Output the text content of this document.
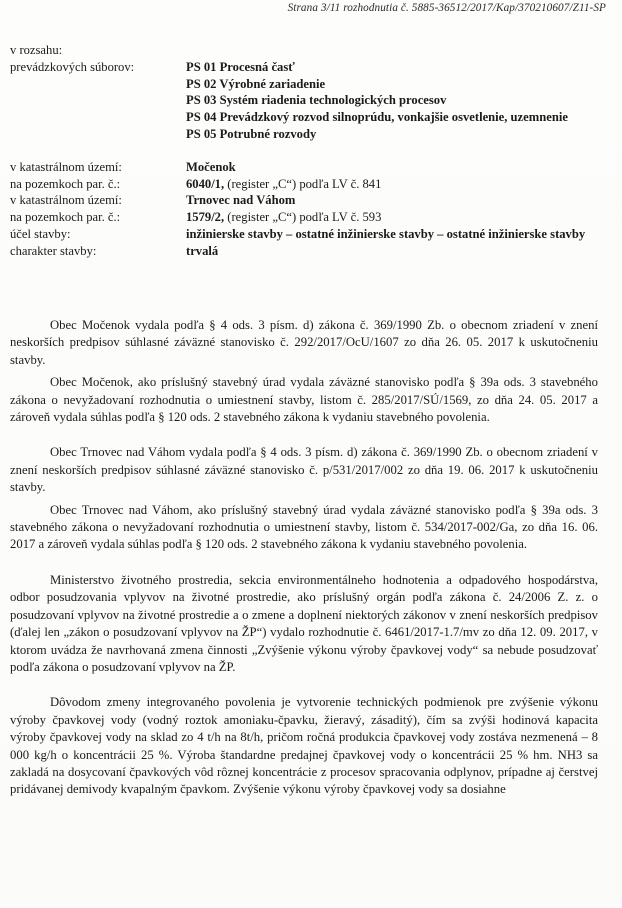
Strana 3/11 rozhodnutia č. 5885-36512/2017/Kap/370210607/Z11-SP
v rozsahu:	
prevádzkových súborov:	PS 01 Procesná časť
PS 02 Výrobné zariadenie
PS 03 Systém riadenia technologických procesov
PS 04 Prevádzkový rozvod silnoprúdu, vonkajšie osvetlenie, uzemnenie
PS 05 Potrubné rozvody

v katastrálnom území:	Močenok
na pozemkoch par. č.:	6040/1, (register „C“) podľa LV č. 841
v katastrálnom území:	Trnovec nad Váhom
na pozemkoch par. č.:	1579/2, (register „C“) podľa LV č. 593
účel stavby:	inžinierske stavby – ostatné inžinierske stavby – ostatné inžinierske stavby
charakter stavby:	trvalá

Obec Močenok vydala podľa § 4 ods. 3 písm. d) zákona č. 369/1990 Zb. o obecnom zriadení v znení neskorších predpisov súhlasné záväzné stanovisko č. 292/2017/OcU/1607 zo dňa 26. 05. 2017 k uskutočneniu stavby.

Obec Močenok, ako príslušný stavebný úrad vydala záväzné stanovisko podľa § 39a ods. 3 stavebného zákona o nevyžadovaní rozhodnutia o umiestnení stavby, listom č. 285/2017/SÚ/1569, zo dňa 24. 05. 2017 a zároveň vydala súhlas podľa § 120 ods. 2 stavebného zákona k vydaniu stavebného povolenia.

Obec Trnovec nad Váhom vydala podľa § 4 ods. 3 písm. d) zákona č. 369/1990 Zb. o obecnom zriadení v znení neskorších predpisov súhlasné záväzné stanovisko č. p/531/2017/002 zo dňa 19. 06. 2017 k uskutočneniu stavby.

Obec Trnovec nad Váhom, ako príslušný stavebný úrad vydala záväzné stanovisko podľa § 39a ods. 3 stavebného zákona o nevyžadovaní rozhodnutia o umiestnení stavby, listom č. 534/2017-002/Ga, zo dňa 16. 06. 2017 a zároveň vydala súhlas podľa § 120 ods. 2 stavebného zákona k vydaniu stavebného povolenia.

Ministerstvo životného prostredia, sekcia environmentálneho hodnotenia a odpadového hospodárstva, odbor posudzovania vplyvov na životné prostredie, ako príslušný orgán podľa zákona č. 24/2006 Z. z. o posudzovaní vplyvov na životné prostredie a o zmene a doplnení niektorých zákonov v znení neskorších predpisov (ďalej len „zákon o posudzovaní vplyvov na ŽP“) vydalo rozhodnutie č. 6461/2017-1.7/mv zo dňa 12. 09. 2017, v ktorom uvádza že navrhovaná zmena činnosti „Zvýšenie výkonu výroby čpavkovej vody“ sa nebude posudzovať podľa zákona o posudzovaní vplyvov na ŽP.

Dôvodom zmeny integrovaného povolenia je vytvorenie technických podmienok pre zvýšenie výkonu výroby čpavkovej vody (vodný roztok amoniaku-čpavku, žieravý, zásaditý), čím sa zvýši hodinová kapacita výroby čpavkovej vody na sklad zo 4 t/h na 8t/h, pričom ročná produkcia čpavkovej vody zostáva nezmenená – 8 000 kg/h o koncentrácii 25 %. Výroba štandardne predajnej čpavkovej vody o koncentrácii 25 % hm. NH3 sa zakladá na dosycovaní čpavkových vôd rôznej koncentrácie z procesov spracovania odplynov, prípadne aj čerstvej pridávanej demivody kvapalným čpavkom. Zvýšenie výkonu výroby čpavkovej vody sa dosiahne
